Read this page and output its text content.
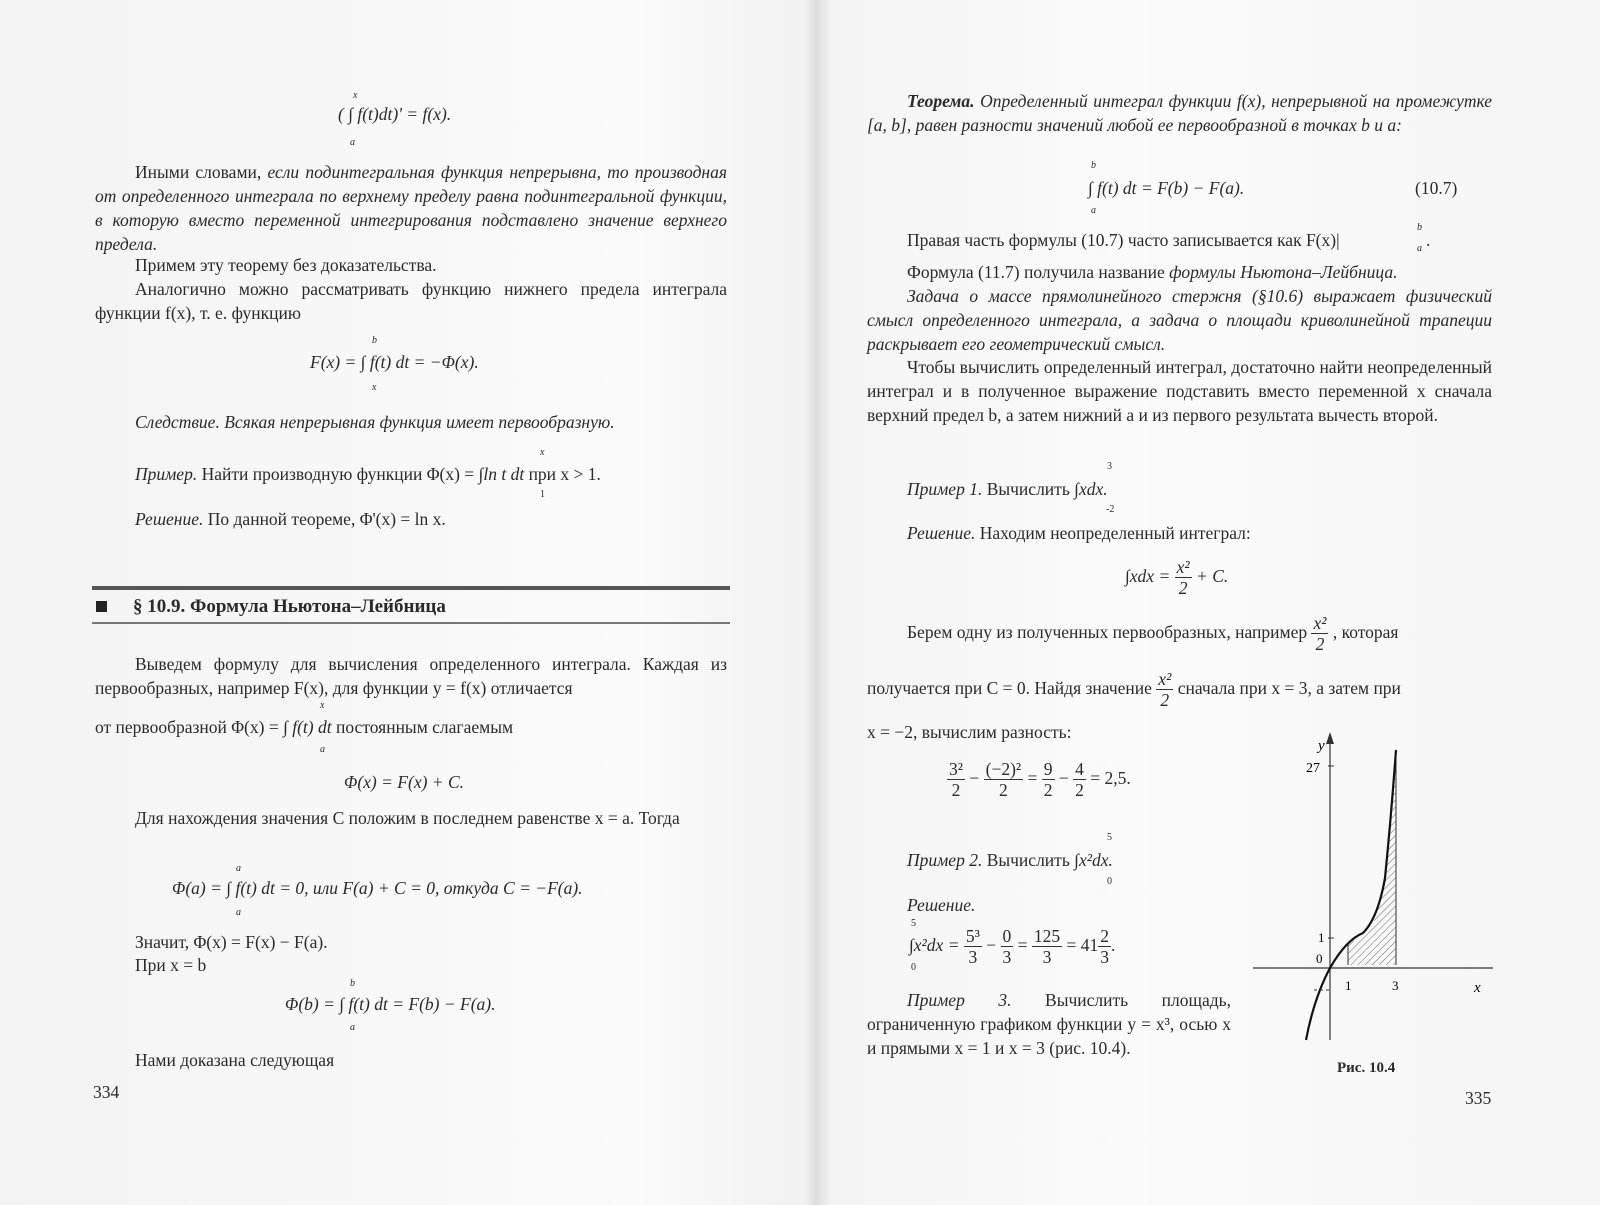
x
( ∫ f(t)dt)' = f(x).
a
Иными словами, если подинтегральная функция непрерывна, то производная от определенного интеграла по верхнему пределу равна подинтегральной функции, в которую вместо переменной интегрирования подставлено значение верхнего предела.
Примем эту теорему без доказательства.
Аналогично можно рассматривать функцию нижнего предела интеграла функции f(x), т. е. функцию
b
F(x) = ∫ f(t) dt = −Φ(x).
x
Следствие. Всякая непрерывная функция имеет первообразную.
Пример. Найти производную функции Φ(x) = ∫ln t dt при x > 1.
x
1
Решение. По данной теореме, Φ'(x) = ln x.
§ 10.9. Формула Ньютона–Лейбница
Выведем формулу для вычисления определенного интеграла. Каждая из первообразных, например F(x), для функции y = f(x) отличается
от первообразной Φ(x) = ∫ f(t) dt постоянным слагаемым
x
a
Φ(x) = F(x) + C.
Для нахождения значения C положим в последнем равенстве x = a. Тогда
a
Φ(a) = ∫ f(t) dt = 0, или F(a) + C = 0, откуда C = −F(a).
a
Значит, Φ(x) = F(x) − F(a).
При x = b
b
Φ(b) = ∫ f(t) dt = F(b) − F(a).
a
Нами доказана следующая
334
Теорема. Определенный интеграл функции f(x), непрерывной на промежутке [a, b], равен разности значений любой ее первообразной в точках b и a:
b
∫ f(t) dt = F(b) − F(a).
a
(10.7)
Правая часть формулы (10.7) часто записывается как F(x)|
b
a .
Формула (11.7) получила название формулы Ньютона–Лейбница.
Задача о массе прямолинейного стержня (§10.6) выражает физический смысл определенного интеграла, а задача о площади криволинейной трапеции раскрывает его геометрический смысл.
Чтобы вычислить определенный интеграл, достаточно найти неопределенный интеграл и в полученное выражение подставить вместо переменной x сначала верхний предел b, а затем нижний a и из первого результата вычесть второй.
Пример 1. Вычислить ∫xdx.
3
-2
Решение. Находим неопределенный интеграл:
$\int xdx = \frac{\text{x²}}{2} + C$.
Берем одну из полученных первообразных, например $\frac{\text{x²}}{2}$ , которая
получается при C = 0. Найдя значение $\frac{\text{x²}}{2}$ сначала при x = 3, а затем при
x = −2, вычислим разность:
$\frac{\text{3²}}{2} - \frac{\text{(−2)²}}{2} = \frac{9}{2} - \frac{4}{2} = 2,5$.
Пример 2. Вычислить ∫x²dx.
5
0
Решение.
5
$\int x^2dx = \frac{\text{5³}}{3} - \frac{0}{3} = \frac{125}{3} = 41 \frac{2}{3}$ .
0
Пример 3. Вычислить площадь, ограниченную графиком функции y = x³, осью x и прямыми x = 1 и x = 3 (рис. 10.4).
y
27
1
0
1	3	x
Рис. 10.4
335
